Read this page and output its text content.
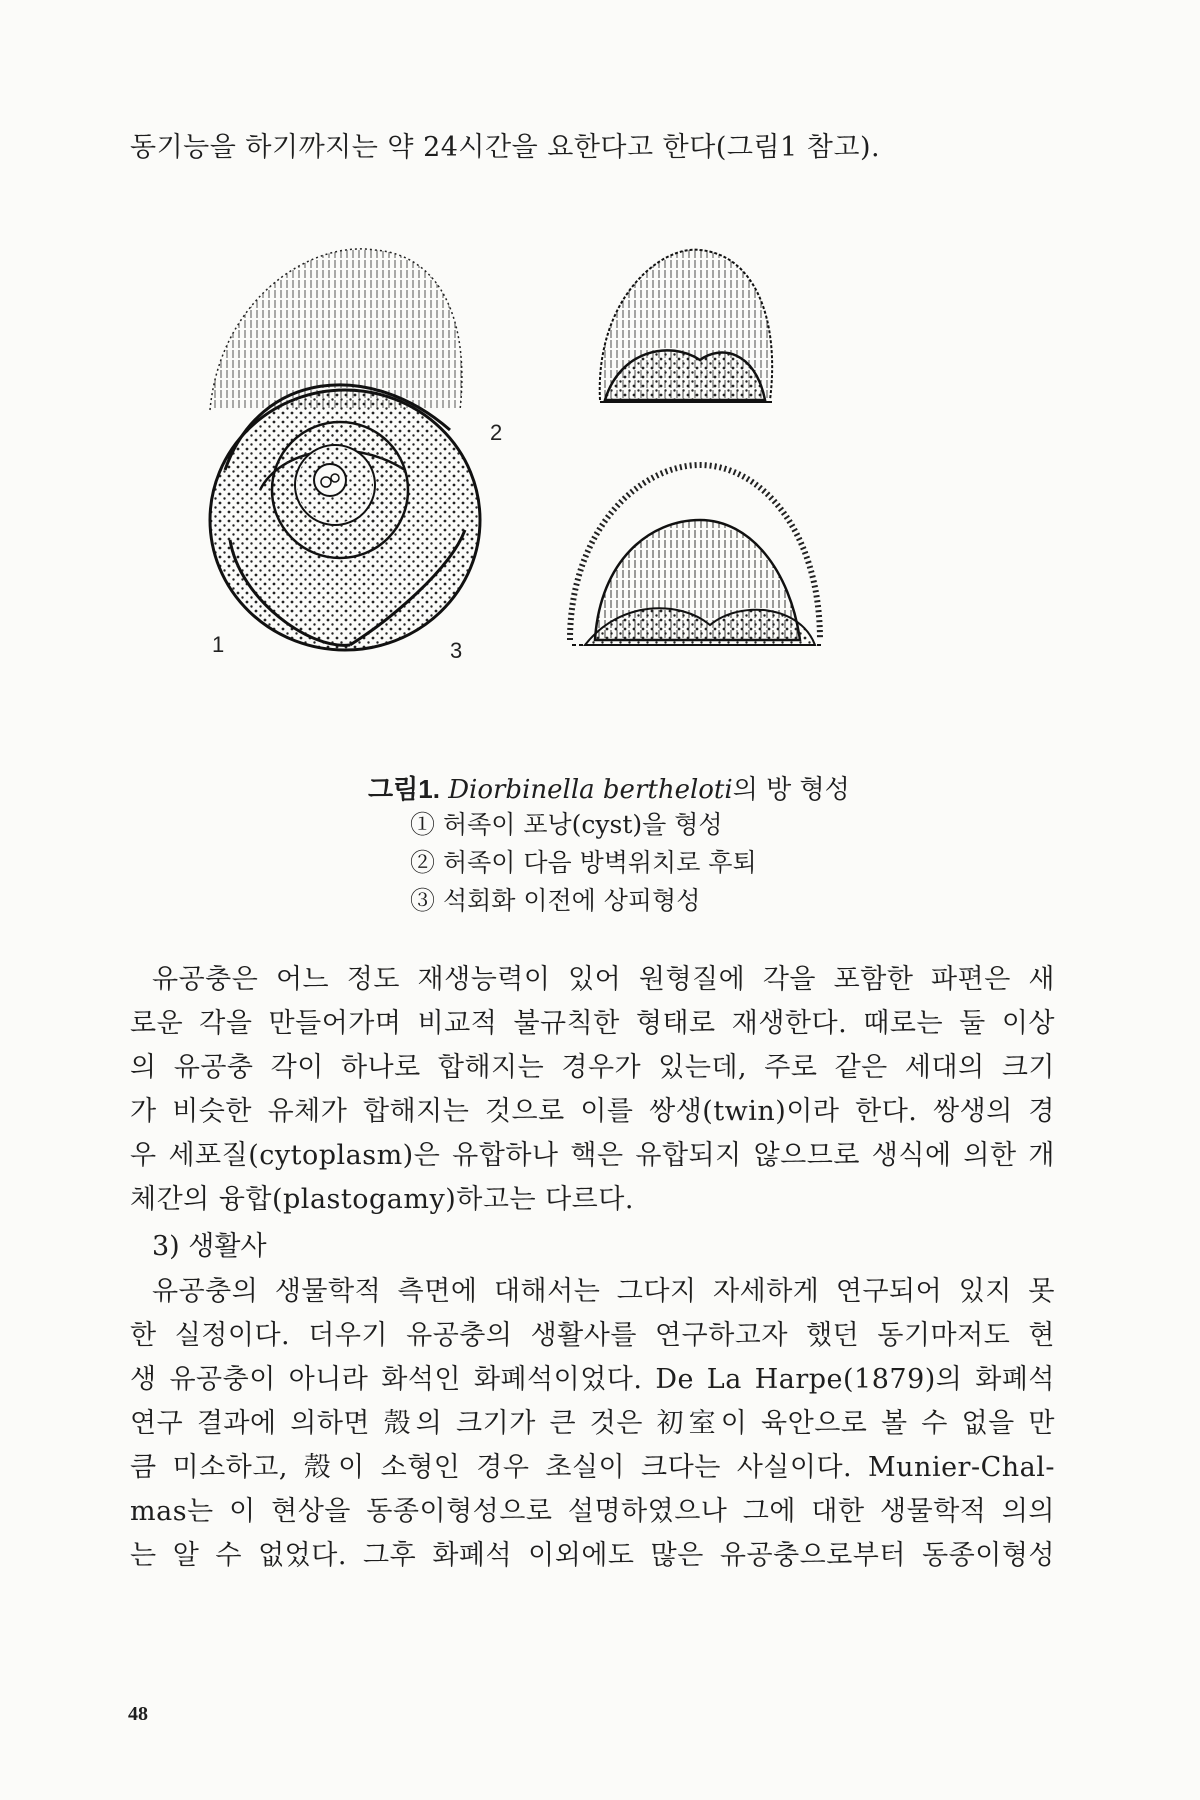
동기능을 하기까지는 약 24시간을 요한다고 한다(그림1 참고).
1
2
3
그림1. Diorbinella bertheloti의 방 형성
① 허족이 포낭(cyst)을 형성
② 허족이 다음 방벽위치로 후퇴
③ 석회화 이전에 상피형성
유공충은 어느 정도 재생능력이 있어 원형질에 각을 포함한 파편은 새
로운 각을 만들어가며 비교적 불규칙한 형태로 재생한다. 때로는 둘 이상
의 유공충 각이 하나로 합해지는 경우가 있는데, 주로 같은 세대의 크기
가 비슷한 유체가 합해지는 것으로 이를 쌍생(twin)이라 한다. 쌍생의 경
우 세포질(cytoplasm)은 유합하나 핵은 유합되지 않으므로 생식에 의한 개
체간의 융합(plastogamy)하고는 다르다.
3) 생활사
유공충의 생물학적 측면에 대해서는 그다지 자세하게 연구되어 있지 못
한 실정이다. 더우기 유공충의 생활사를 연구하고자 했던 동기마저도 현
생 유공충이 아니라 화석인 화폐석이었다. De La Harpe(1879)의 화폐석
연구 결과에 의하면 殼의 크기가 큰 것은 初室이 육안으로 볼 수 없을 만
큼 미소하고, 殼이 소형인 경우 초실이 크다는 사실이다. Munier-Chal-
mas는 이 현상을 동종이형성으로 설명하였으나 그에 대한 생물학적 의의
는 알 수 없었다. 그후 화폐석 이외에도 많은 유공충으로부터 동종이형성
48
